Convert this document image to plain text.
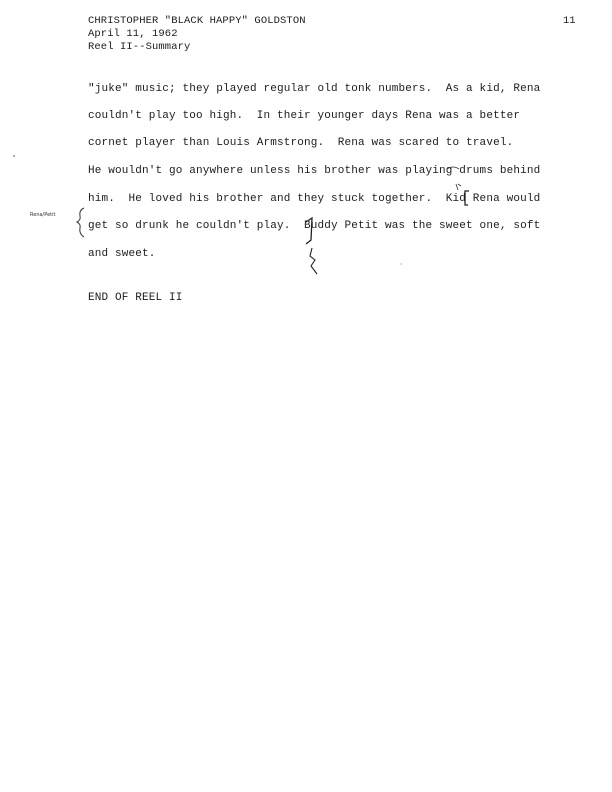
CHRISTOPHER "BLACK HAPPY" GOLDSTON
April 11, 1962
Reel II--Summary
11
"juke" music; they played regular old tonk numbers.  As a kid, Rena
couldn't play too high.  In their younger days Rena was a better
cornet player than Louis Armstrong.  Rena was scared to travel.
He wouldn't go anywhere unless his brother was playing drums behind
him.  He loved his brother and they stuck together.  Kid Rena would
get so drunk he couldn't play.  Buddy Petit was the sweet one, soft
and sweet.
END OF REEL II
Rena/Petit
